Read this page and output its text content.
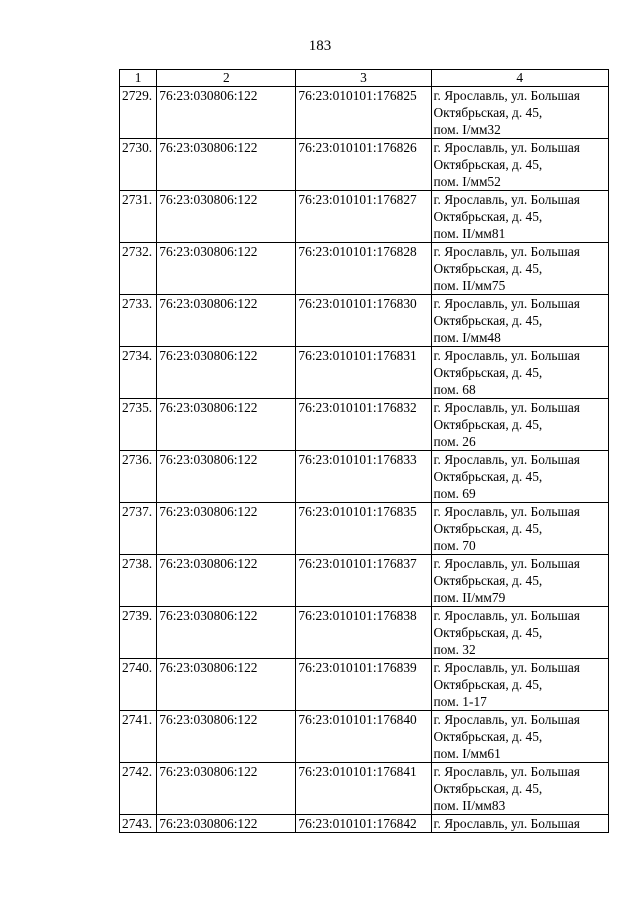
183
1	2	3	4
2729.	76:23:030806:122	76:23:010101:176825	г. Ярославль, ул. Большая
Октябрьская, д. 45,
пом. I/мм32

2730.	76:23:030806:122	76:23:010101:176826	г. Ярославль, ул. Большая
Октябрьская, д. 45,
пом. I/мм52

2731.	76:23:030806:122	76:23:010101:176827	г. Ярославль, ул. Большая
Октябрьская, д. 45,
пом. II/мм81

2732.	76:23:030806:122	76:23:010101:176828	г. Ярославль, ул. Большая
Октябрьская, д. 45,
пом. II/мм75

2733.	76:23:030806:122	76:23:010101:176830	г. Ярославль, ул. Большая
Октябрьская, д. 45,
пом. I/мм48

2734.	76:23:030806:122	76:23:010101:176831	г. Ярославль, ул. Большая
Октябрьская, д. 45,
пом. 68

2735.	76:23:030806:122	76:23:010101:176832	г. Ярославль, ул. Большая
Октябрьская, д. 45,
пом. 26

2736.	76:23:030806:122	76:23:010101:176833	г. Ярославль, ул. Большая
Октябрьская, д. 45,
пом. 69

2737.	76:23:030806:122	76:23:010101:176835	г. Ярославль, ул. Большая
Октябрьская, д. 45,
пом. 70

2738.	76:23:030806:122	76:23:010101:176837	г. Ярославль, ул. Большая
Октябрьская, д. 45,
пом. II/мм79

2739.	76:23:030806:122	76:23:010101:176838	г. Ярославль, ул. Большая
Октябрьская, д. 45,
пом. 32

2740.	76:23:030806:122	76:23:010101:176839	г. Ярославль, ул. Большая
Октябрьская, д. 45,
пом. 1-17

2741.	76:23:030806:122	76:23:010101:176840	г. Ярославль, ул. Большая
Октябрьская, д. 45,
пом. I/мм61

2742.	76:23:030806:122	76:23:010101:176841	г. Ярославль, ул. Большая
Октябрьская, д. 45,
пом. II/мм83

2743.	76:23:030806:122	76:23:010101:176842	г. Ярославль, ул. Большая
